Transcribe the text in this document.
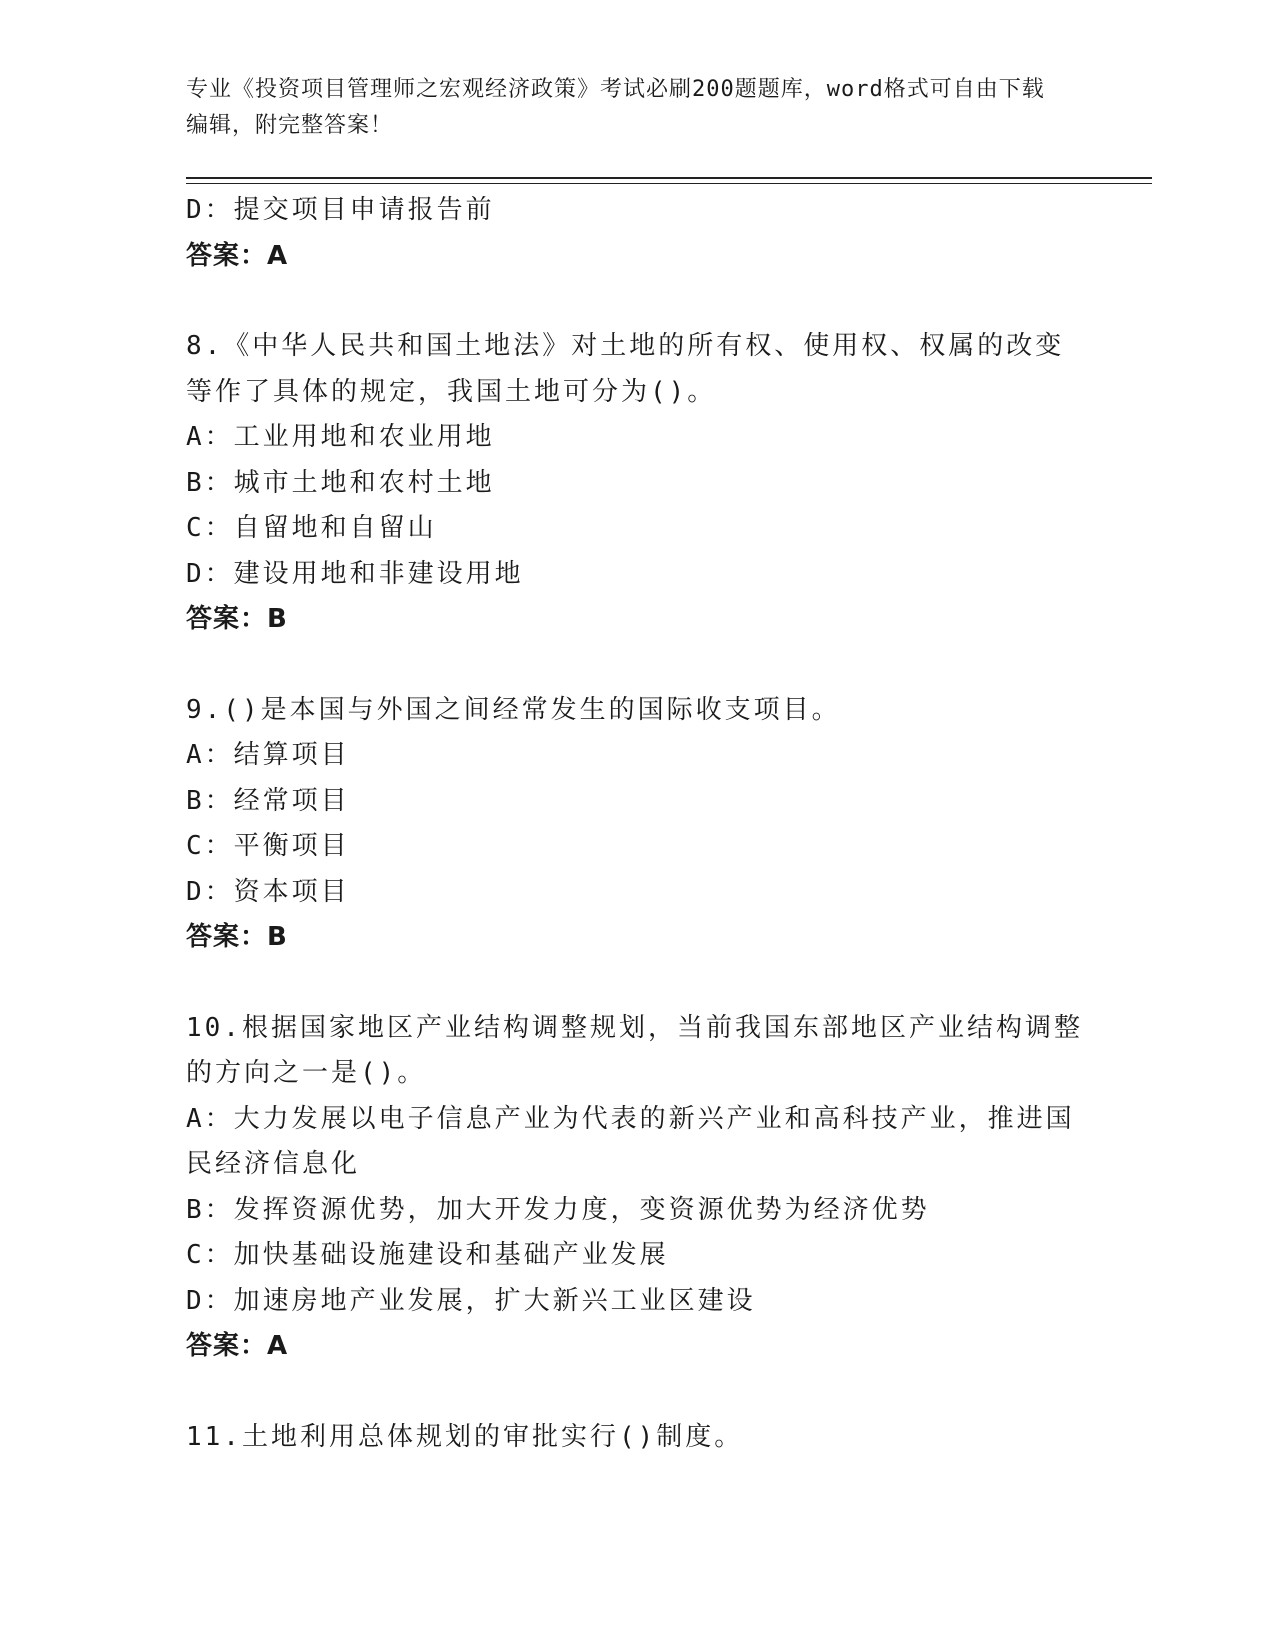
专业《投资项目管理师之宏观经济政策》考试必刷200题题库，word格式可自由下载编辑，附完整答案！
D：提交项目申请报告前
答案：A
8.《中华人民共和国土地法》对土地的所有权、使用权、权属的改变等作了具体的规定，我国土地可分为()。
A：工业用地和农业用地
B：城市土地和农村土地
C：自留地和自留山
D：建设用地和非建设用地
答案：B
9.()是本国与外国之间经常发生的国际收支项目。
A：结算项目
B：经常项目
C：平衡项目
D：资本项目
答案：B
10.根据国家地区产业结构调整规划，当前我国东部地区产业结构调整的方向之一是()。
A：大力发展以电子信息产业为代表的新兴产业和高科技产业，推进国民经济信息化
B：发挥资源优势，加大开发力度，变资源优势为经济优势
C：加快基础设施建设和基础产业发展
D：加速房地产业发展，扩大新兴工业区建设
答案：A
11.土地利用总体规划的审批实行()制度。
